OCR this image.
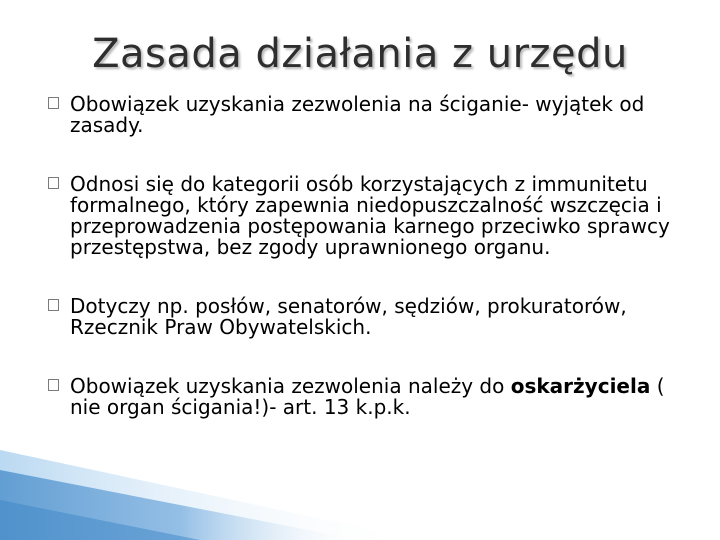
Zasada działania z urzędu
Obowiązek uzyskania zezwolenia na ściganie- wyjątek od zasady.
Odnosi się do kategorii osób korzystających z immunitetu formalnego, który zapewnia niedopuszczalność wszczęcia i przeprowadzenia postępowania karnego przeciwko sprawcy przestępstwa, bez zgody uprawnionego organu.
Dotyczy np. posłów, senatorów, sędziów, prokuratorów, Rzecznik Praw Obywatelskich.
Obowiązek uzyskania zezwolenia należy do oskarżyciela ( nie organ ścigania!)- art. 13 k.p.k.
